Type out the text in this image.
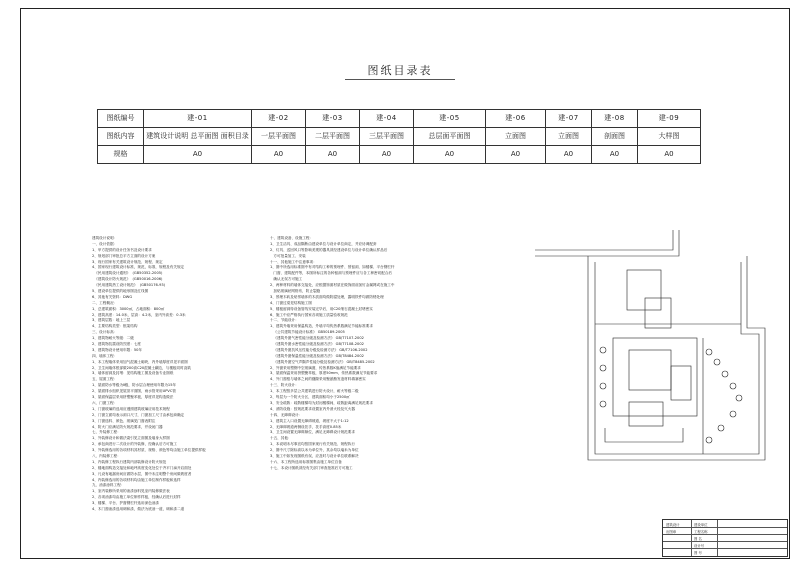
图纸目录表
图纸编号	建-01	建-02	建-03	建-04	建-05	建-06	建-07	建-08	建-09
图纸内容	建筑设计说明 总平面图 面积目录	一层平面图	二层平面图	三层平面图	总层面平面图	立面图	立面图	剖面图	大样图
规格	A0	A0	A0	A0	A0	A0	A0	A0	A0
建筑设计说明：
一、设计依据：
1、甲方提供的设计任务书及设计要求
2、规划部门审批总平方立面的设计方案
3、现行国家有关建筑设计规范、规程、规定
4、国家现行建筑设计标准，规范，标准，规程及有关规定
《民用建筑设计通则》  (GB50352-2005)
《建筑设计防火规范》  (GB50016-2006)
《民用建筑热工设计规范》  (GB50176-93)
5、建设单位提供的地形图及红线图
6、其他有关资料：DWG
二、工程概况：
1、总建筑面积：3000㎡，占地面积：800㎡
2、建筑高度：14.0米，层高：4.2米，室内外高差：0.3米
3、建筑层数：地上三层
4、主要结构类型：框架结构
三、设计标高：
1、建筑物耐火等级：二级
2、建筑物抗震设防烈度：七度
3、建筑物设计使用年限：50年
四、墙体工程：
1、本工程墙体采用加气混凝土砌块，内外墙厚度详见平面图
2、卫生间墙体根部做200高C20混凝土翻边，与楼板同时浇筑
3、墙体留洞及封堵：见结构施工图及设备专业图纸
五、屋面工程：
1、屋面防水等级为Ⅱ级，防水层合理使用年限为15年
2、屋面排水组织见屋顶平面图，雨水管采用UPVC管
3、屋面保温层采用挤塑聚苯板，厚度详见构造做法
六、门窗工程：
1、门窗玻璃的选用应遵照建筑玻璃应用技术规程
2、门窗立面均表示洞口尺寸，门窗加工尺寸由承包商确定
3、门窗选料、颜色、玻璃见门窗表附注
4、防火门应满足防火规范要求，并设闭门器
七、外装修工程：
1、外装修设计和做法索引见立面图及墙身大样图
2、承包商进行二次设计的外装修，经确认后方可施工
3、外装修选用的各项材料其材质、规格、颜色等均由施工单位提供样板
八、内装修工程：
1、内装修工程执行建筑内部装修设计防火规范
2、楼地面构造交接处和地坪高度变化处位于齐平门扇开启面处
3、凡设有地漏房间应做防水层，图中未注明整个房间做坡度者
4、内装修选用的各项材料均由施工单位制作样板和选样
九、油漆涂料工程：
1、室内装修所采用的油漆涂料见室内装修做法表
2、各项油漆均由施工单位制作样板，经确认后进行封样
3、楼梯、平台、护窗钢栏杆选用深色油漆
4、木门窗油漆选用调和漆，做法为底油一道，调和漆二道
十、建筑设备、设施工程：
1、卫生洁具、成品隔断由建设单位与设计单位商定，并应协调配套
2、灯具、送回风口等影响美观的器具须经建设单位与设计单位确认样品后
方可批量加工、安装
十一、其他施工中注意事项：
1、图中所选用标准图中有对结构工种的预埋件、预留洞，如楼梯、平台钢栏杆
门窗、建筑配件等，本图所标注的各种留洞与预埋件应与各工种密切配合后
确认无误方可施工
2、两种材料的墙体交接处，应根据饰面材质在做饰面前加钉金属网或在施工中
加贴玻璃丝网格布，防止裂缝
3、预埋木砖及贴邻墙体的木质面均做防腐处理，露明铁件均做防锈处理
4、门窗过梁见结构施工图
5、楼板留洞待设备管线安装完毕后，用C20细石混凝土封堵密实
6、施工中应严格执行国家各项施工质量验收规范
十二、节能设计：
1、建筑外墙采用保温构造，外墙平均传热系数满足节能标准要求
《公共建筑节能设计标准》 GB50189-2005
《建筑外窗气密性能分级及检测方法》 GB/T7107-2002
《建筑外窗水密性能分级及检测方法》 GB/T7108-2002
《建筑外窗抗风压性能分级及检测方法》 GB/T7106-2002
《建筑外窗保温性能分级及检测方法》 GB/T8484-2002
《建筑外窗空气声隔声性能分级及检测方法》 GB/T8485-2002
2、外窗采用塑钢中空玻璃窗，传热系数K值满足节能要求
3、屋面保温采用挤塑聚苯板，厚度50mm，传热系数满足节能要求
4、外门窗框与墙体之间的缝隙采用聚氨酯发泡材料填塞密实
十三、防火设计：
1、本工程按多层公共建筑进行防火设计，耐火等级二级
2、每层为一个防火分区，建筑面积均小于2500㎡
3、安全疏散：疏散楼梯均为封闭楼梯间，疏散距离满足规范要求
4、消防设施：按规范要求设置室内外消火栓及灭火器
十四、无障碍设计：
1、建筑主入口设置无障碍坡道，坡度不大于1:12
2、无障碍坡道两侧设扶手，扶手高度0.85米
3、卫生间设置无障碍厕位，满足无障碍设计规范要求
十五、其他：
1、本说明未尽事宜均按国家现行有关规范、规程执行
2、图中尺寸除标高以米为单位外，其余均以毫米为单位
3、施工中如发现图纸有误，应及时与设计单位联系解决
十六、本工程所选用标准图集由施工单位自备
十七、本设计图纸须经有关部门审查批准后方可施工
建筑设计
出图章
建设单位
工程名称
图 名
设计号
图 号
